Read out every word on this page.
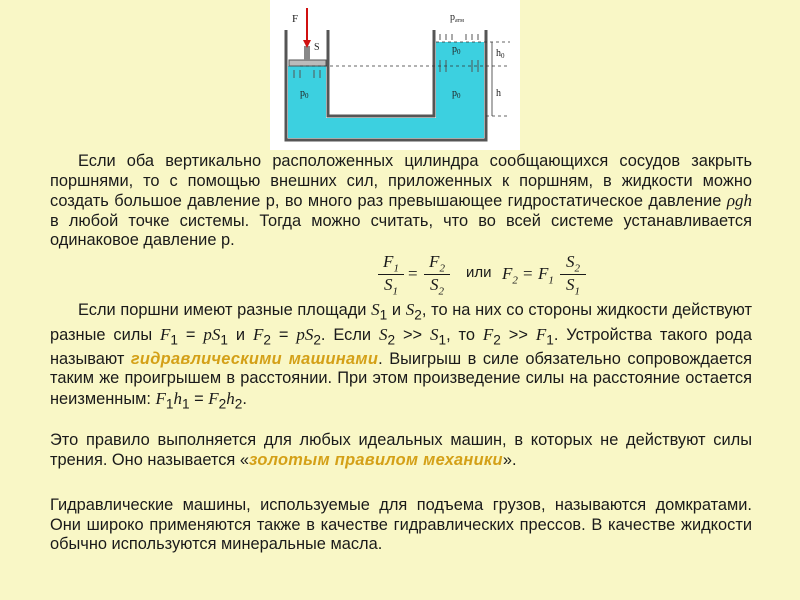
F
S
$p_0$
$p_{атм}$
$p_0$
$p_0$
$h_0$
h

Если оба вертикально расположенных цилиндра сообщающихся сосудов закрыть поршнями, то с помощью внешних сил, приложенных к поршням, в жидкости можно создать большое давление p, во много раз превышающее гидростатическое давление ρgh в любой точке системы. Тогда можно считать, что во всей системе устанавливается одинаковое давление p.

$\frac{F_1}{S_1} = \frac{F_2}{S_2}$ или $F_2 = F_1 \frac{S_2}{S_1}$

Если поршни имеют разные площади $S_1$ и $S_2$, то на них со стороны жидкости действуют разные силы $F_1 = pS_1$ и $F_2 = pS_2$. Если $S_2 >> S_1$, то $F_2 >> F_1$. Устройства такого рода называют гидравлическими машинами. Выигрыш в силе обязательно сопровождается таким же проигрышем в расстоянии. При этом произведение силы на расстояние остается неизменным: $F_1h_1 = F_2h_2$.

Это правило выполняется для любых идеальных машин, в которых не действуют силы трения. Оно называется «золотым правилом механики».

Гидравлические машины, используемые для подъема грузов, называются домкратами. Они широко применяются также в качестве гидравлических прессов. В качестве жидкости обычно используются минеральные масла.
